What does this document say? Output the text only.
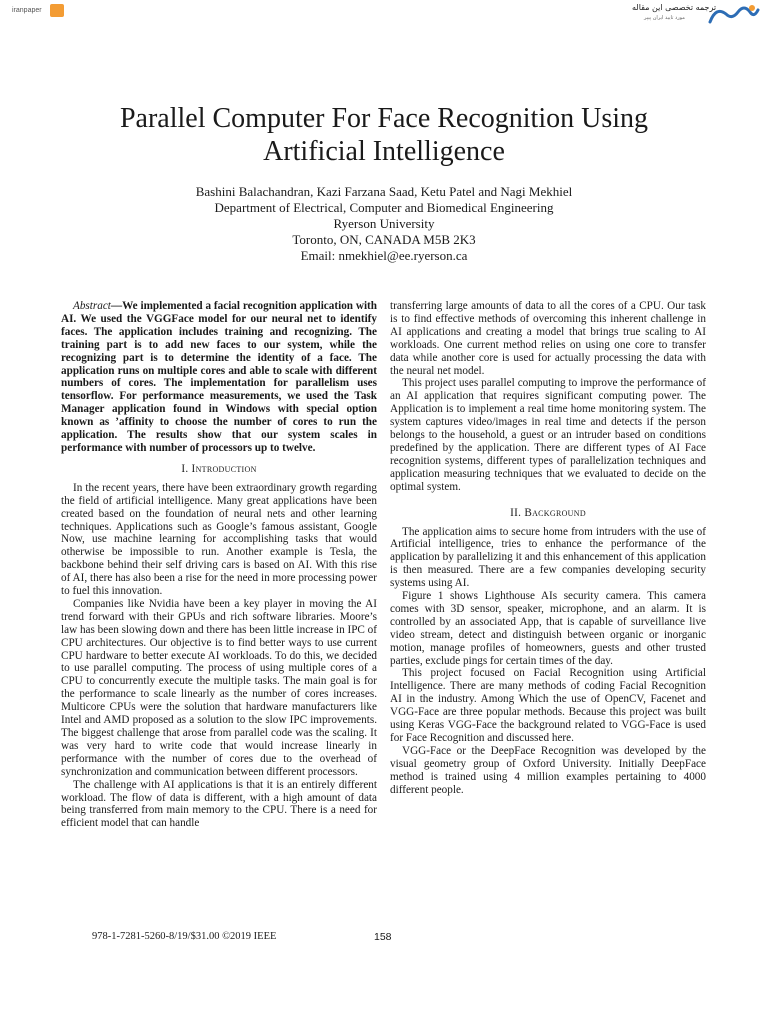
iranpaper	ترجمه تخصصی این مقاله
مورد تایید ایران پیپر
Parallel Computer For Face Recognition Using
Artificial Intelligence
Bashini Balachandran, Kazi Farzana Saad, Ketu Patel and Nagi Mekhiel
Department of Electrical, Computer and Biomedical Engineering
Ryerson University
Toronto, ON, CANADA M5B 2K3
Email: nmekhiel@ee.ryerson.ca

Abstract—We implemented a facial recognition application with AI. We used the VGGFace model for our neural net to identify faces. The application includes training and recognizing. The training part is to add new faces to our system, while the recognizing part is to determine the identity of a face. The application runs on multiple cores and able to scale with different numbers of cores. The implementation for parallelism uses tensorflow. For performance measurements, we used the Task Manager application found in Windows with special option known as ’affinity to choose the number of cores to run the application. The results show that our system scales in performance with number of processors up to twelve.

I. Introduction

In the recent years, there have been extraordinary growth regarding the field of artificial intelligence. Many great applications have been created based on the foundation of neural nets and other learning techniques. Applications such as Google’s famous assistant, Google Now, use machine learning for accomplishing tasks that would otherwise be impossible to run. Another example is Tesla, the backbone behind their self driving cars is based on AI. With this rise of AI, there has also been a rise for the need in more processing power to fuel this innovation.

Companies like Nvidia have been a key player in moving the AI trend forward with their GPUs and rich software libraries. Moore’s law has been slowing down and there has been little increase in IPC of CPU architectures. Our objective is to find better ways to use current CPU hardware to better execute AI workloads. To do this, we decided to use parallel computing. The process of using multiple cores of a CPU to concurrently execute the multiple tasks. The main goal is for the performance to scale linearly as the number of cores increases. Multicore CPUs were the solution that hardware manufacturers like Intel and AMD proposed as a solution to the slow IPC improvements. The biggest challenge that arose from parallel code was the scaling. It was very hard to write code that would increase linearly in performance with the number of cores due to the overhead of synchronization and communication between different processors.

The challenge with AI applications is that it is an entirely different workload. The flow of data is different, with a high amount of data being transferred from main memory to the CPU. There is a need for efficient model that can handle

transferring large amounts of data to all the cores of a CPU. Our task is to find effective methods of overcoming this inherent challenge in AI applications and creating a model that brings true scaling to AI workloads. One current method relies on using one core to transfer data while another core is used for actually processing the data with the neural net model.

This project uses parallel computing to improve the performance of an AI application that requires significant computing power. The Application is to implement a real time home monitoring system. The system captures video/images in real time and detects if the person belongs to the household, a guest or an intruder based on conditions predefined by the application. There are different types of AI Face recognition systems, different types of parallelization techniques and application measuring techniques that we evaluated to decide on the optimal system.

II. Background

The application aims to secure home from intruders with the use of Artificial intelligence, tries to enhance the performance of the application by parallelizing it and this enhancement of this application is then measured. There are a few companies developing security systems using AI.

Figure 1 shows Lighthouse AIs security camera. This camera comes with 3D sensor, speaker, microphone, and an alarm. It is controlled by an associated App, that is capable of surveillance live video stream, detect and distinguish between organic or inorganic motion, manage profiles of homeowners, guests and other trusted parties, exclude pings for certain times of the day.

This project focused on Facial Recognition using Artificial Intelligence. There are many methods of coding Facial Recognition AI in the industry. Among Which the use of OpenCV, Facenet and VGG-Face are three popular methods. Because this project was built using Keras VGG-Face the background related to VGG-Face is used for Face Recognition and discussed here.

VGG-Face or the DeepFace Recognition was developed by the visual geometry group of Oxford University. Initially DeepFace method is trained using 4 million examples pertaining to 4000 different people.

978-1-7281-5260-8/19/$31.00 ©2019 IEEE	158
